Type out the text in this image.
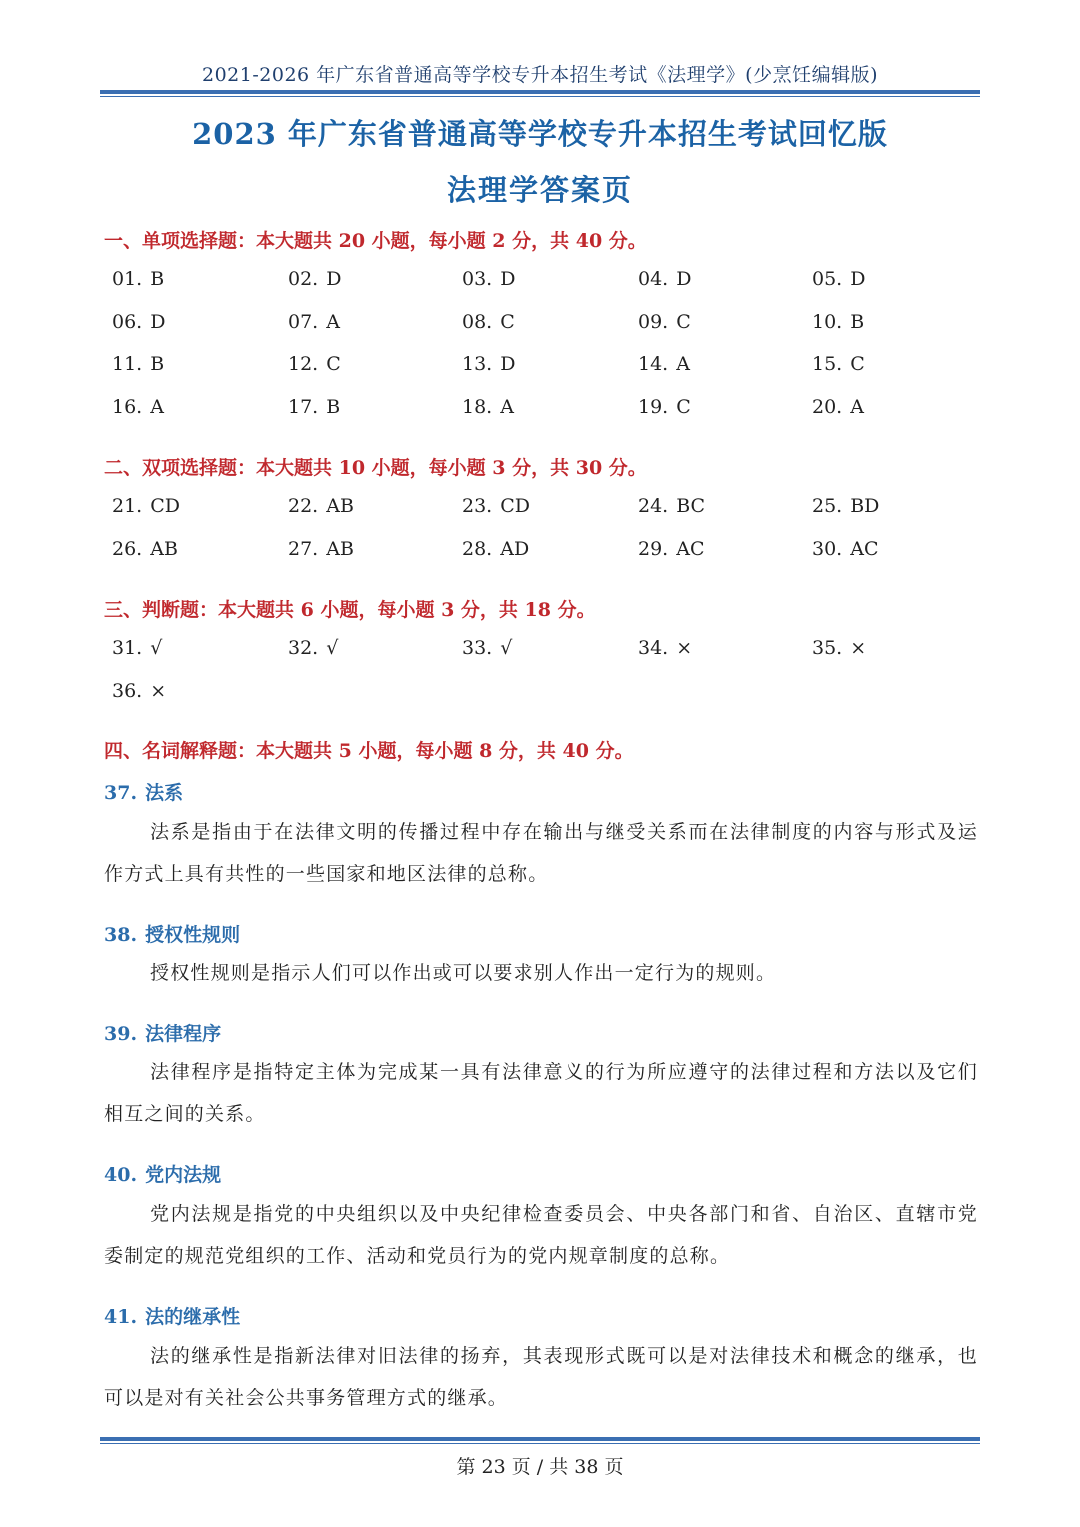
2021-2026 年广东省普通高等学校专升本招生考试《法理学》(少烹饪编辑版)
2023 年广东省普通高等学校专升本招生考试回忆版
法理学答案页
一、单项选择题：本大题共 20 小题，每小题 2 分，共 40 分。
01. B	02. D	03. D	04. D	05. D
06. D	07. A	08. C	09. C	10. B
11. B	12. C	13. D	14. A	15. C
16. A	17. B	18. A	19. C	20. A
二、双项选择题：本大题共 10 小题，每小题 3 分，共 30 分。
21. CD	22. AB	23. CD	24. BC	25. BD
26. AB	27. AB	28. AD	29. AC	30. AC
三、判断题：本大题共 6 小题，每小题 3 分，共 18 分。
31. √	32. √	33. √	34. ×	35. ×
36. ×
四、名词解释题：本大题共 5 小题，每小题 8 分，共 40 分。
37. 法系
法系是指由于在法律文明的传播过程中存在输出与继受关系而在法律制度的内容与形式及运作方式上具有共性的一些国家和地区法律的总称。
38. 授权性规则
授权性规则是指示人们可以作出或可以要求别人作出一定行为的规则。
39. 法律程序
法律程序是指特定主体为完成某一具有法律意义的行为所应遵守的法律过程和方法以及它们相互之间的关系。
40. 党内法规
党内法规是指党的中央组织以及中央纪律检查委员会、中央各部门和省、自治区、直辖市党委制定的规范党组织的工作、活动和党员行为的党内规章制度的总称。
41. 法的继承性
法的继承性是指新法律对旧法律的扬弃，其表现形式既可以是对法律技术和概念的继承，也可以是对有关社会公共事务管理方式的继承。
第 23 页 / 共 38 页
